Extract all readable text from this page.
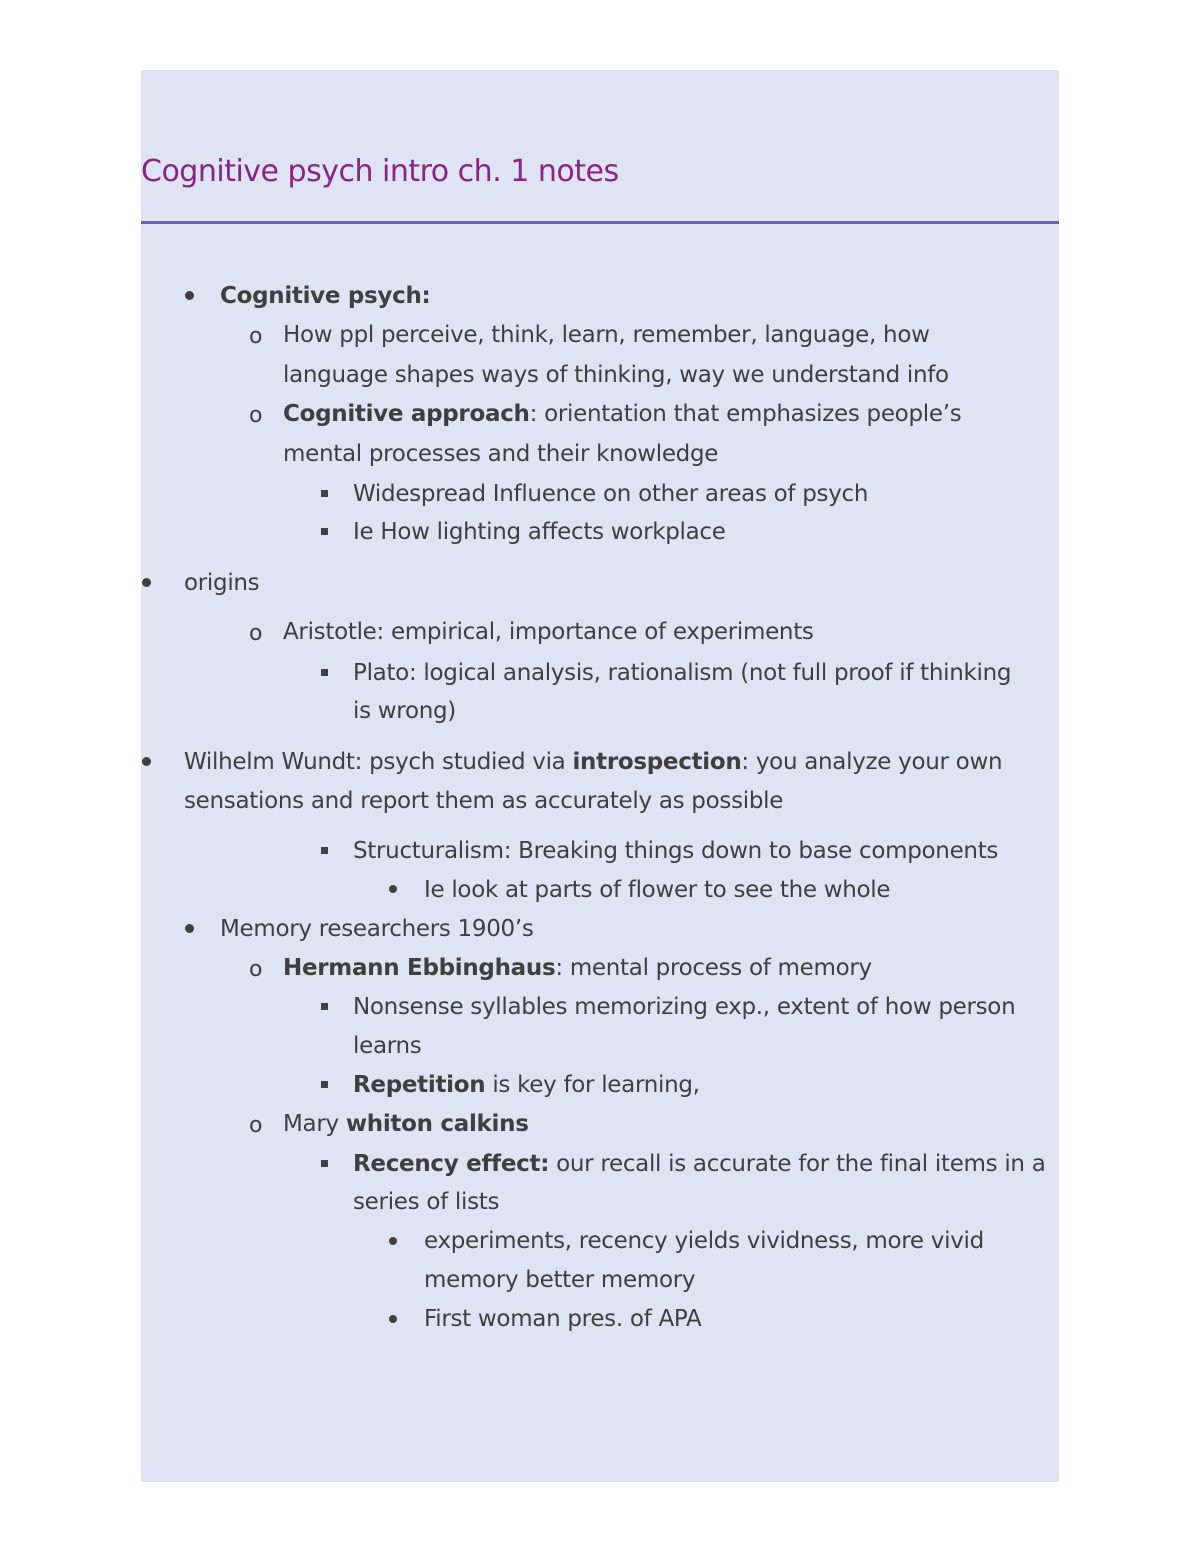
Cognitive psych intro ch. 1 notes
Cognitive psych:
o How ppl perceive, think, learn, remember, language, how
language shapes ways of thinking, way we understand info
o Cognitive approach: orientation that emphasizes people’s
mental processes and their knowledge
Widespread Influence on other areas of psych
Ie How lighting affects workplace
origins
o Aristotle: empirical, importance of experiments
Plato: logical analysis, rationalism (not full proof if thinking
is wrong)
Wilhelm Wundt: psych studied via introspection: you analyze your own
sensations and report them as accurately as possible
Structuralism: Breaking things down to base components
Ie look at parts of flower to see the whole
Memory researchers 1900’s
o Hermann Ebbinghaus: mental process of memory
Nonsense syllables memorizing exp., extent of how person
learns
Repetition is key for learning,
o Mary whiton calkins
Recency effect: our recall is accurate for the final items in a
series of lists
experiments, recency yields vividness, more vivid
memory better memory
First woman pres. of APA
